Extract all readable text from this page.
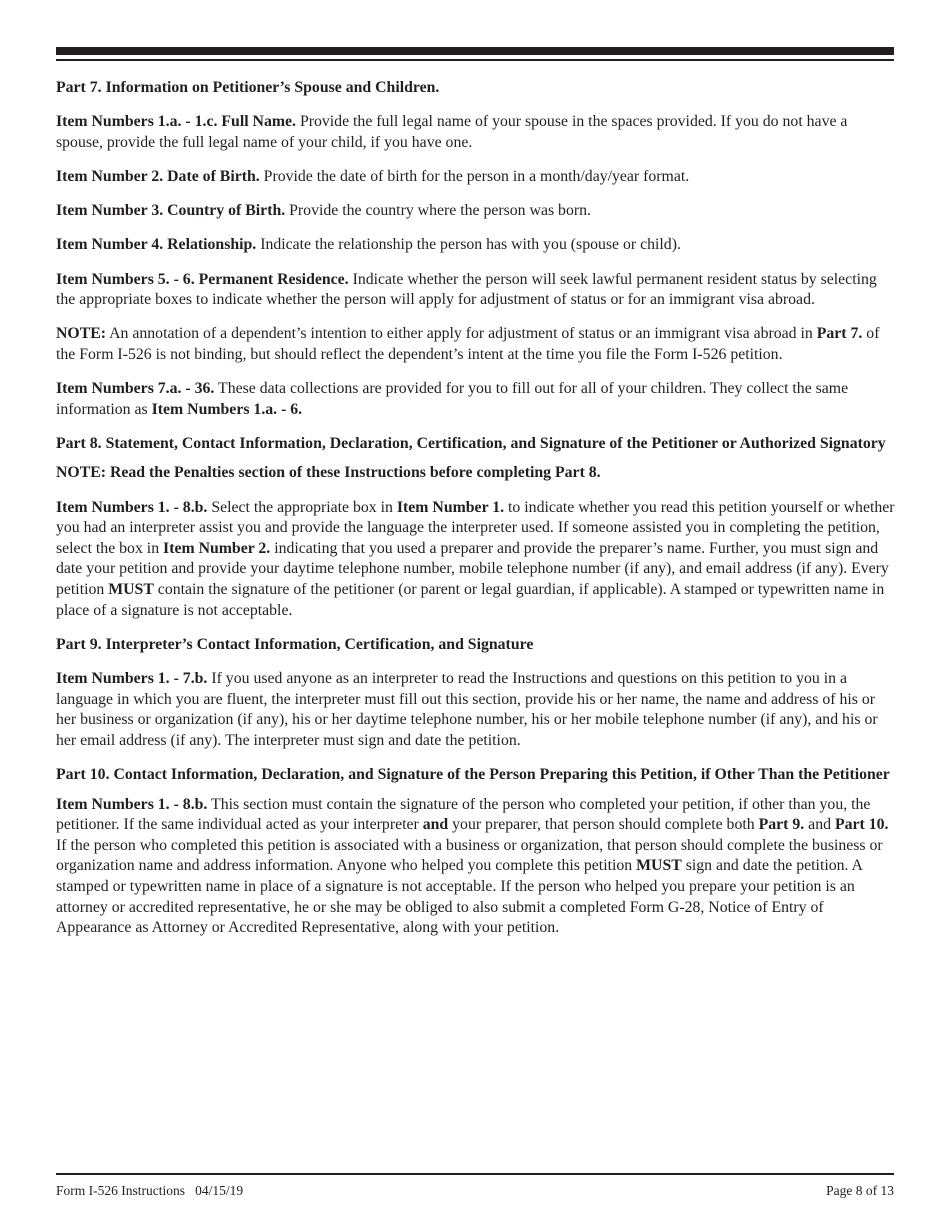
Part 7. Information on Petitioner’s Spouse and Children.

Item Numbers 1.a. - 1.c. Full Name. Provide the full legal name of your spouse in the spaces provided. If you do not have a spouse, provide the full legal name of your child, if you have one.

Item Number 2. Date of Birth. Provide the date of birth for the person in a month/day/year format.

Item Number 3. Country of Birth. Provide the country where the person was born.

Item Number 4. Relationship. Indicate the relationship the person has with you (spouse or child).

Item Numbers 5. - 6. Permanent Residence. Indicate whether the person will seek lawful permanent resident status by selecting the appropriate boxes to indicate whether the person will apply for adjustment of status or for an immigrant visa abroad.

NOTE: An annotation of a dependent’s intention to either apply for adjustment of status or an immigrant visa abroad in Part 7. of the Form I-526 is not binding, but should reflect the dependent’s intent at the time you file the Form I-526 petition.

Item Numbers 7.a. - 36. These data collections are provided for you to fill out for all of your children. They collect the same information as Item Numbers 1.a. - 6.

Part 8. Statement, Contact Information, Declaration, Certification, and Signature of the Petitioner or Authorized Signatory

NOTE: Read the Penalties section of these Instructions before completing Part 8.

Item Numbers 1. - 8.b. Select the appropriate box in Item Number 1. to indicate whether you read this petition yourself or whether you had an interpreter assist you and provide the language the interpreter used. If someone assisted you in completing the petition, select the box in Item Number 2. indicating that you used a preparer and provide the preparer’s name. Further, you must sign and date your petition and provide your daytime telephone number, mobile telephone number (if any), and email address (if any). Every petition MUST contain the signature of the petitioner (or parent or legal guardian, if applicable). A stamped or typewritten name in place of a signature is not acceptable.

Part 9. Interpreter’s Contact Information, Certification, and Signature

Item Numbers 1. - 7.b. If you used anyone as an interpreter to read the Instructions and questions on this petition to you in a language in which you are fluent, the interpreter must fill out this section, provide his or her name, the name and address of his or her business or organization (if any), his or her daytime telephone number, his or her mobile telephone number (if any), and his or her email address (if any). The interpreter must sign and date the petition.

Part 10. Contact Information, Declaration, and Signature of the Person Preparing this Petition, if Other Than the Petitioner

Item Numbers 1. - 8.b. This section must contain the signature of the person who completed your petition, if other than you, the petitioner. If the same individual acted as your interpreter and your preparer, that person should complete both Part 9. and Part 10. If the person who completed this petition is associated with a business or organization, that person should complete the business or organization name and address information. Anyone who helped you complete this petition MUST sign and date the petition. A stamped or typewritten name in place of a signature is not acceptable. If the person who helped you prepare your petition is an attorney or accredited representative, he or she may be obliged to also submit a completed Form G-28, Notice of Entry of Appearance as Attorney or Accredited Representative, along with your petition.

Form I-526 Instructions   04/15/19	Page 8 of 13
